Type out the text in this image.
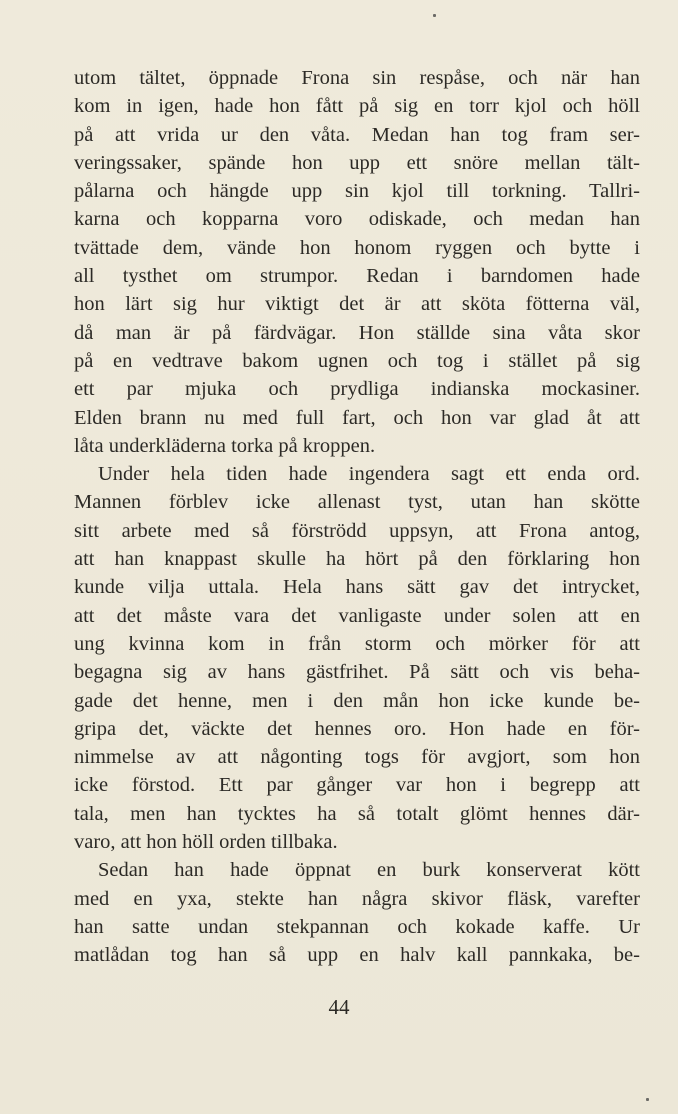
utom tältet, öppnade Frona sin respåse, och när han
kom in igen, hade hon fått på sig en torr kjol och höll
på att vrida ur den våta. Medan han tog fram ser-
veringssaker, spände hon upp ett snöre mellan tält-
pålarna och hängde upp sin kjol till torkning. Tallri-
karna och kopparna voro odiskade, och medan han
tvättade dem, vände hon honom ryggen och bytte i
all tysthet om strumpor. Redan i barndomen hade
hon lärt sig hur viktigt det är att sköta fötterna väl,
då man är på färdvägar. Hon ställde sina våta skor
på en vedtrave bakom ugnen och tog i stället på sig
ett par mjuka och prydliga indianska mockasiner.
Elden brann nu med full fart, och hon var glad åt att
låta underkläderna torka på kroppen.
Under hela tiden hade ingendera sagt ett enda ord.
Mannen förblev icke allenast tyst, utan han skötte
sitt arbete med så förströdd uppsyn, att Frona antog,
att han knappast skulle ha hört på den förklaring hon
kunde vilja uttala. Hela hans sätt gav det intrycket,
att det måste vara det vanligaste under solen att en
ung kvinna kom in från storm och mörker för att
begagna sig av hans gästfrihet. På sätt och vis beha-
gade det henne, men i den mån hon icke kunde be-
gripa det, väckte det hennes oro. Hon hade en för-
nimmelse av att någonting togs för avgjort, som hon
icke förstod. Ett par gånger var hon i begrepp att
tala, men han tycktes ha så totalt glömt hennes där-
varo, att hon höll orden tillbaka.
Sedan han hade öppnat en burk konserverat kött
med en yxa, stekte han några skivor fläsk, varefter
han satte undan stekpannan och kokade kaffe. Ur
matlådan tog han så upp en halv kall pannkaka, be-
44
